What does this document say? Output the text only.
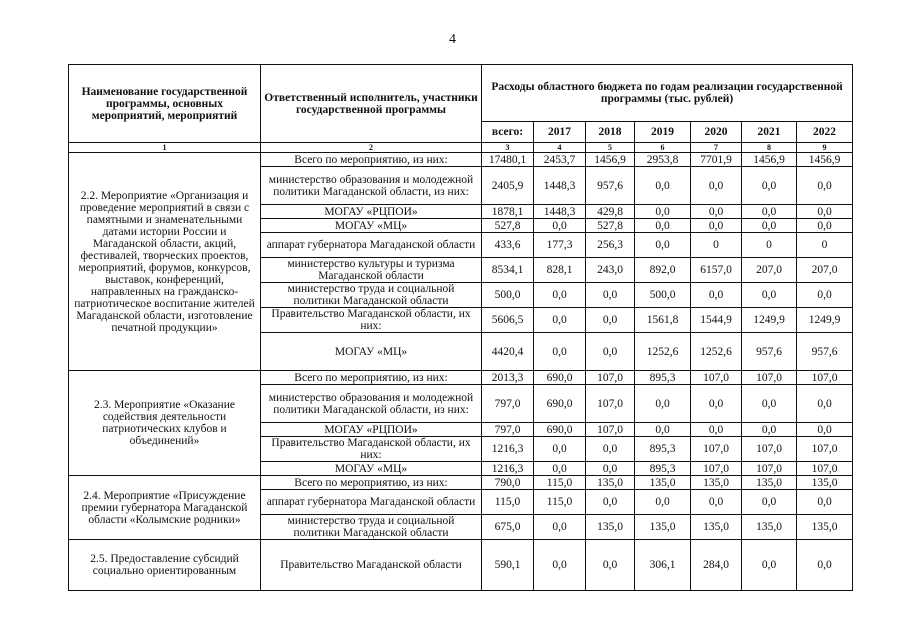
4
Наименование государственной программы, основных мероприятий, мероприятий	Ответственный исполнитель, участники государственной программы	Расходы областного бюджета по годам реализации государственной программы (тыс. рублей)						
		всего:	2017	2018	2019	2020	2021	2022
1	2	3	4	5	6	7	8	9
2.2. Мероприятие «Организация и проведение мероприятий в связи с памятными и знаменательными датами истории России и Магаданской области, акций, фестивалей, творческих проектов, мероприятий, форумов, конкурсов, выставок, конференций, направленных на гражданско-патриотическое воспитание жителей Магаданской области, изготовление печатной продукции»	Всего по мероприятию, из них:	17480,1	2453,7	1456,9	2953,8	7701,9	1456,9	1456,9
	министерство образования и молодежной политики Магаданской области, из них:	2405,9	1448,3	957,6	0,0	0,0	0,0	0,0
	МОГАУ «РЦПОИ»	1878,1	1448,3	429,8	0,0	0,0	0,0	0,0
	МОГАУ «МЦ»	527,8	0,0	527,8	0,0	0,0	0,0	0,0
	аппарат губернатора Магаданской области	433,6	177,3	256,3	0,0	0	0	0
	министерство культуры и туризма Магаданской области	8534,1	828,1	243,0	892,0	6157,0	207,0	207,0
	министерство труда и социальной политики Магаданской области	500,0	0,0	0,0	500,0	0,0	0,0	0,0
	Правительство Магаданской области, их них:	5606,5	0,0	0,0	1561,8	1544,9	1249,9	1249,9
	МОГАУ «МЦ»	4420,4	0,0	0,0	1252,6	1252,6	957,6	957,6
2.3. Мероприятие «Оказание содействия деятельности патриотических клубов и объединений»	Всего по мероприятию, из них:	2013,3	690,0	107,0	895,3	107,0	107,0	107,0
	министерство образования и молодежной политики Магаданской области, из них:	797,0	690,0	107,0	0,0	0,0	0,0	0,0
	МОГАУ «РЦПОИ»	797,0	690,0	107,0	0,0	0,0	0,0	0,0
	Правительство Магаданской области, их них:	1216,3	0,0	0,0	895,3	107,0	107,0	107,0
	МОГАУ «МЦ»	1216,3	0,0	0,0	895,3	107,0	107,0	107,0
2.4. Мероприятие «Присуждение премии губернатора Магаданской области «Колымские родники»	Всего по мероприятию, из них:	790,0	115,0	135,0	135,0	135,0	135,0	135,0
	аппарат губернатора Магаданской области	115,0	115,0	0,0	0,0	0,0	0,0	0,0
	министерство труда и социальной политики Магаданской области	675,0	0,0	135,0	135,0	135,0	135,0	135,0
2.5. Предоставление субсидий социально ориентированным	Правительство Магаданской области	590,1	0,0	0,0	306,1	284,0	0,0	0,0
